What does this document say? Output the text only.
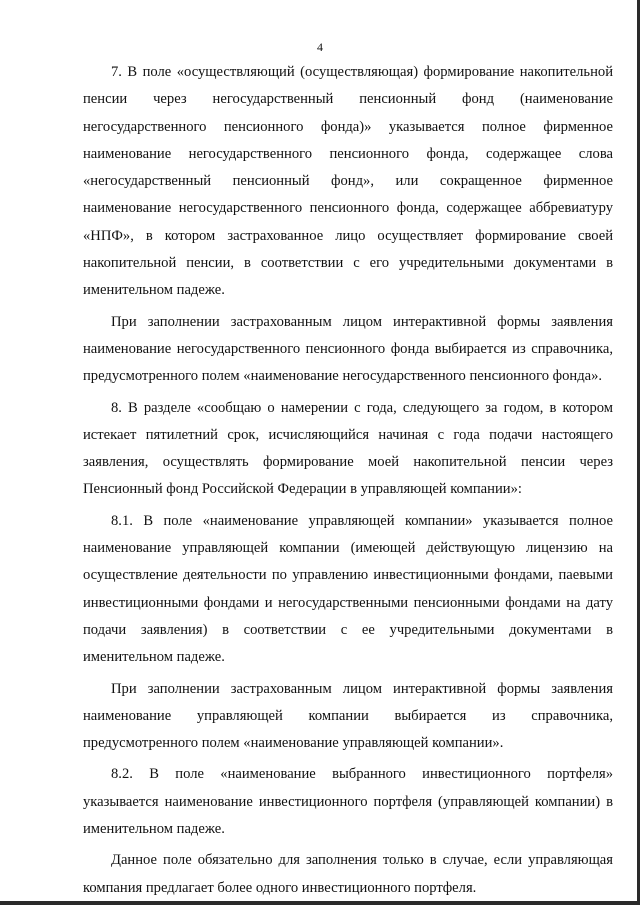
4

7. В поле «осуществляющий (осуществляющая) формирование накопительной пенсии через негосударственный пенсионный фонд (наименование негосударственного пенсионного фонда)» указывается полное фирменное наименование негосударственного пенсионного фонда, содержащее слова «негосударственный пенсионный фонд», или сокращенное фирменное наименование негосударственного пенсионного фонда, содержащее аббревиатуру «НПФ», в котором застрахованное лицо осуществляет формирование своей накопительной пенсии, в соответствии с его учредительными документами в именительном падеже.

При заполнении застрахованным лицом интерактивной формы заявления наименование негосударственного пенсионного фонда выбирается из справочника, предусмотренного полем «наименование негосударственного пенсионного фонда».

8. В разделе «сообщаю о намерении с года, следующего за годом, в котором истекает пятилетний срок, исчисляющийся начиная с года подачи настоящего заявления, осуществлять формирование моей накопительной пенсии через Пенсионный фонд Российской Федерации в управляющей компании»:

8.1. В поле «наименование управляющей компании» указывается полное наименование управляющей компании (имеющей действующую лицензию на осуществление деятельности по управлению инвестиционными фондами, паевыми инвестиционными фондами и негосударственными пенсионными фондами на дату подачи заявления) в соответствии с ее учредительными документами в именительном падеже.

При заполнении застрахованным лицом интерактивной формы заявления наименование управляющей компании выбирается из справочника, предусмотренного полем «наименование управляющей компании».

8.2. В поле «наименование выбранного инвестиционного портфеля» указывается наименование инвестиционного портфеля (управляющей компании) в именительном падеже.

Данное поле обязательно для заполнения только в случае, если управляющая компания предлагает более одного инвестиционного портфеля.
